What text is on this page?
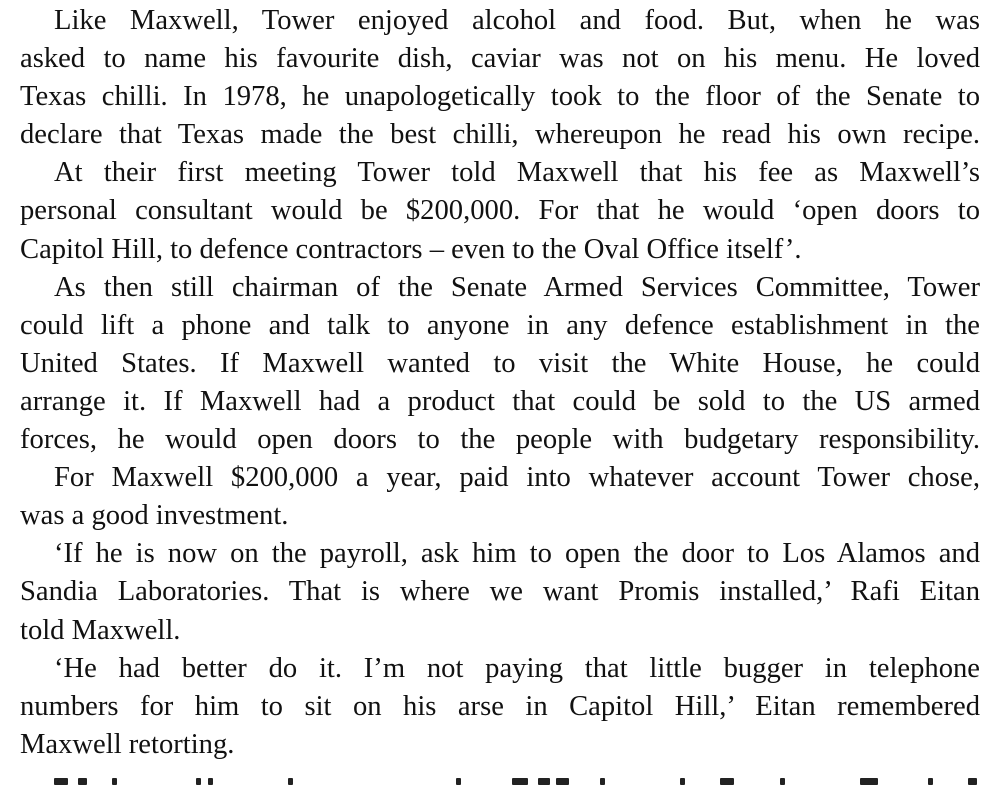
Like Maxwell, Tower enjoyed alcohol and food. But, when he was
asked to name his favourite dish, caviar was not on his menu. He loved
Texas chilli. In 1978, he unapologetically took to the floor of the Senate to
declare that Texas made the best chilli, whereupon he read his own recipe.
At their first meeting Tower told Maxwell that his fee as Maxwell’s
personal consultant would be $200,000. For that he would ‘open doors to
Capitol Hill, to defence contractors – even to the Oval Office itself’.
As then still chairman of the Senate Armed Services Committee, Tower
could lift a phone and talk to anyone in any defence establishment in the
United States. If Maxwell wanted to visit the White House, he could
arrange it. If Maxwell had a product that could be sold to the US armed
forces, he would open doors to the people with budgetary responsibility.
For Maxwell $200,000 a year, paid into whatever account Tower chose,
was a good investment.
‘If he is now on the payroll, ask him to open the door to Los Alamos and
Sandia Laboratories. That is where we want Promis installed,’ Rafi Eitan
told Maxwell.
‘He had better do it. I’m not paying that little bugger in telephone
numbers for him to sit on his arse in Capitol Hill,’ Eitan remembered
Maxwell retorting.
